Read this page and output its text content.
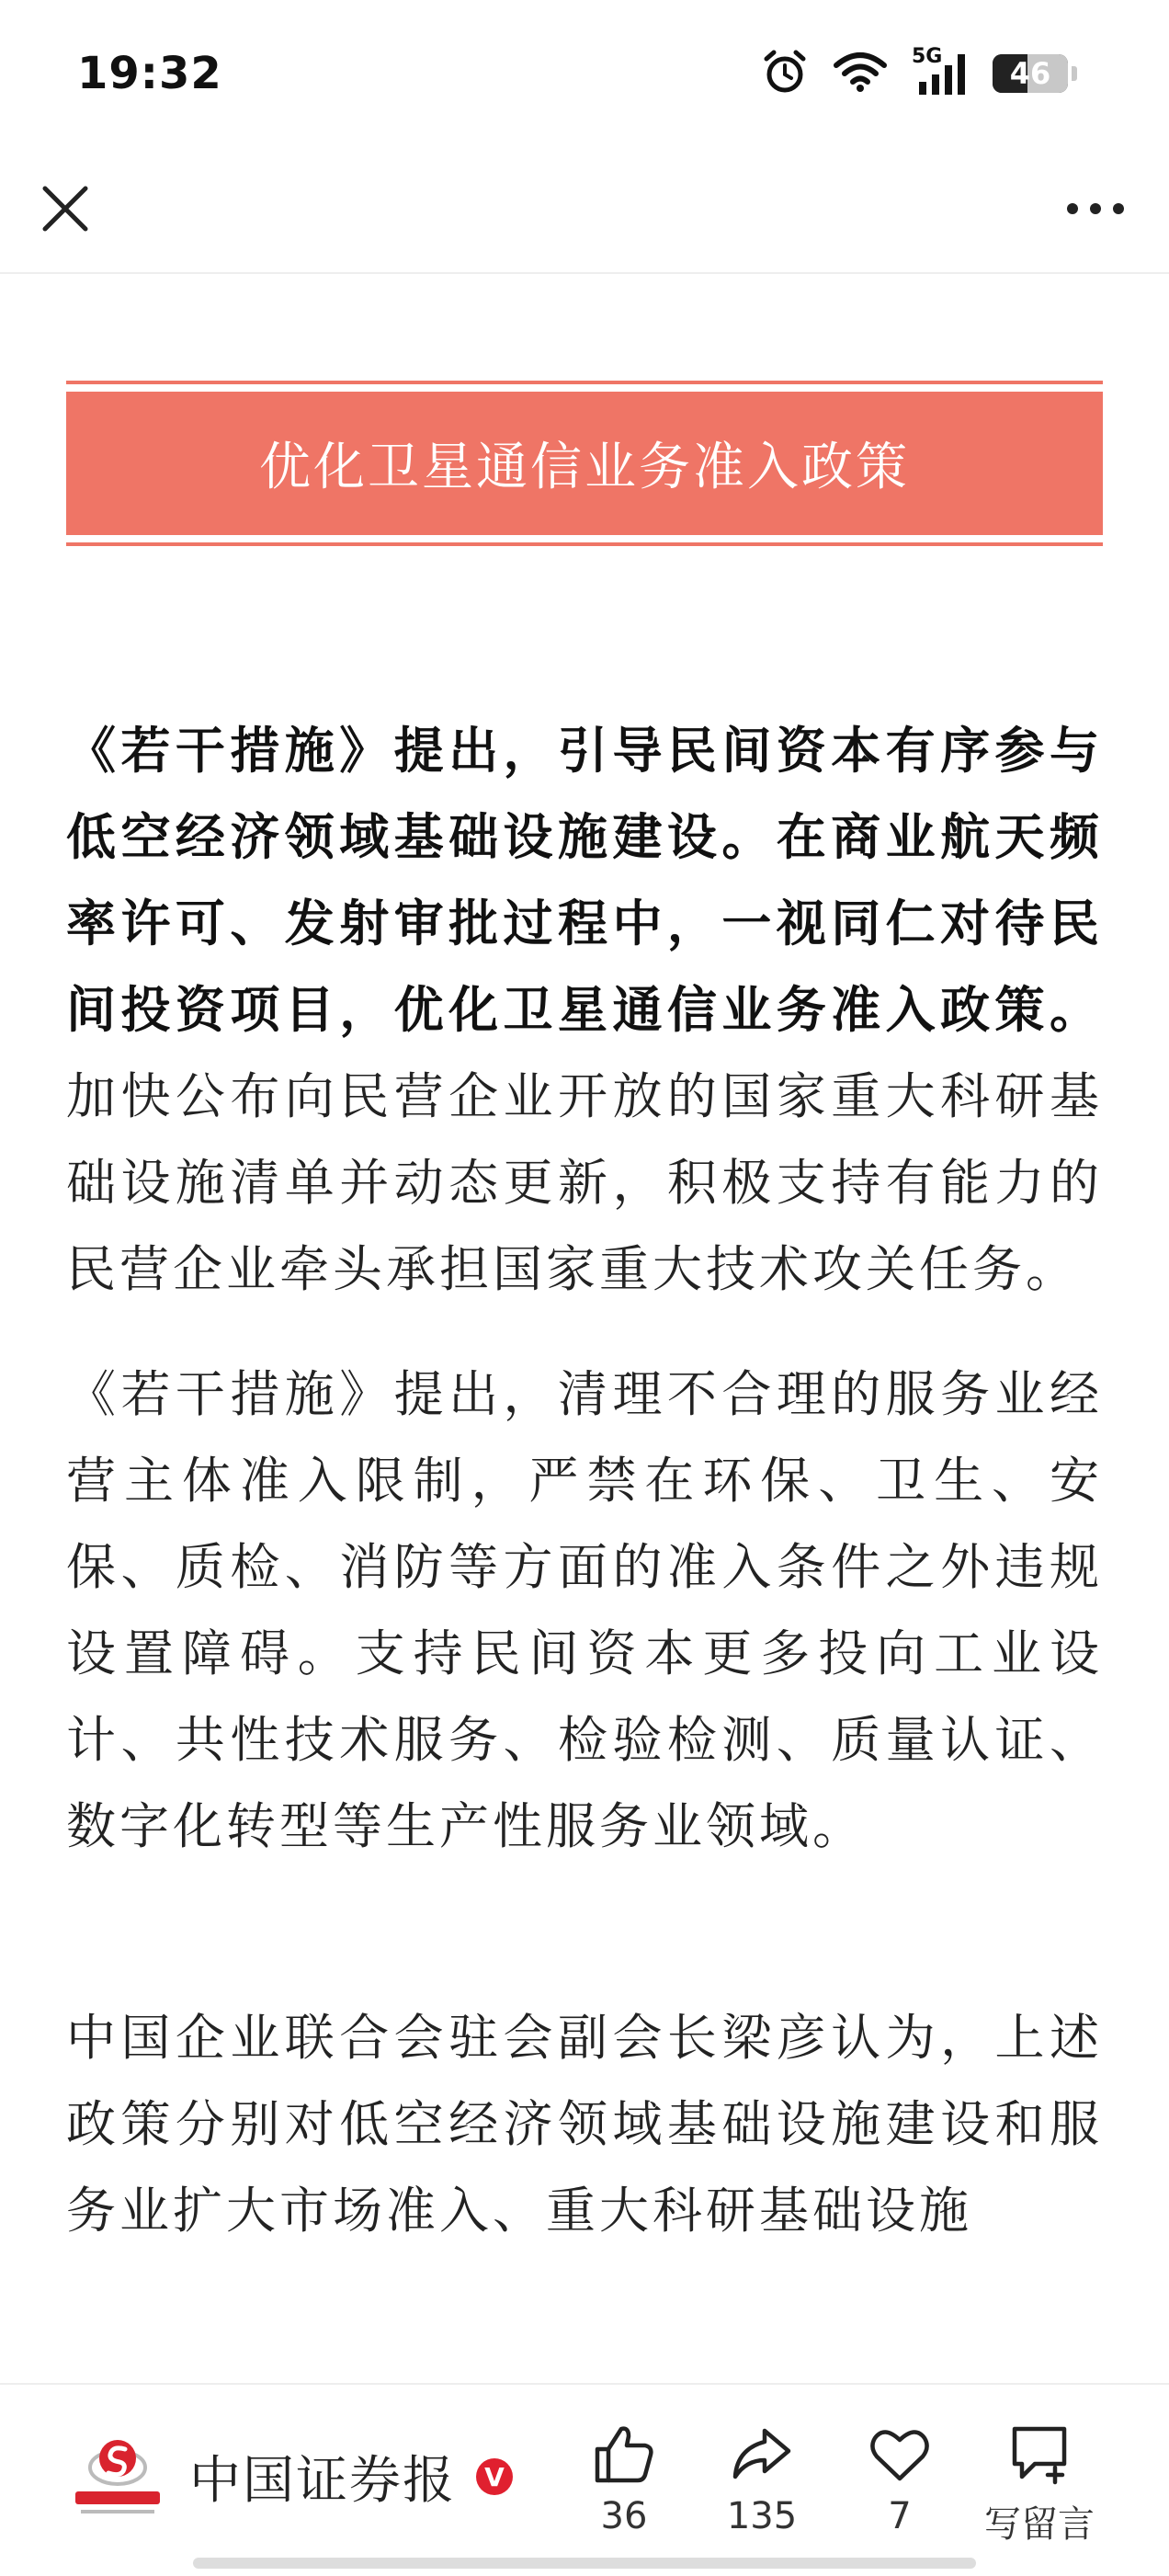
19:32	5G	46
优化卫星通信业务准入政策

《若干措施》提出，引导民间资本有序参与低空经济领域基础设施建设。在商业航天频率许可、发射审批过程中，一视同仁对待民间投资项目，优化卫星通信业务准入政策。加快公布向民营企业开放的国家重大科研基础设施清单并动态更新，积极支持有能力的民营企业牵头承担国家重大技术攻关任务。

《若干措施》提出，清理不合理的服务业经营主体准入限制，严禁在环保、卫生、安保、质检、消防等方面的准入条件之外违规设置障碍。支持民间资本更多投向工业设计、共性技术服务、检验检测、质量认证、数字化转型等生产性服务业领域。

中国企业联合会驻会副会长梁彦认为，上述政策分别对低空经济领域基础设施建设和服务业扩大市场准入、重大科研基础设施

中国证券报	V
36	135	7	写留言
